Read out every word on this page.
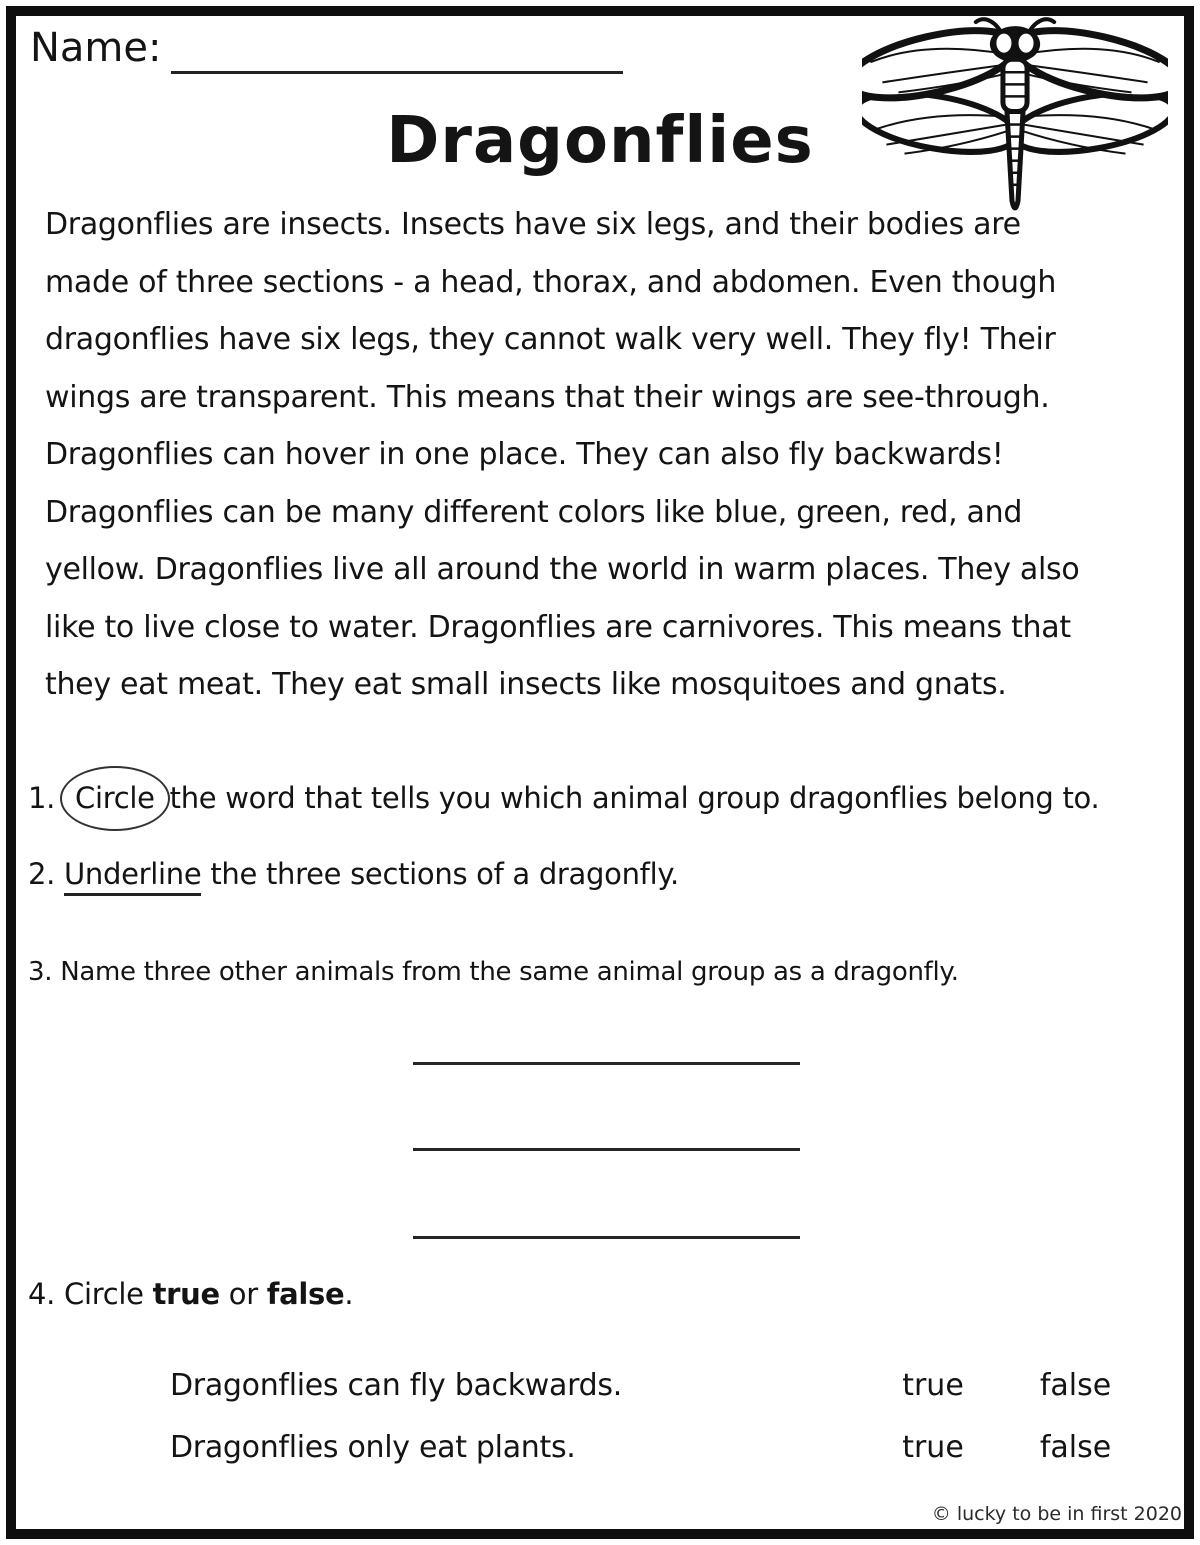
Name:
Dragonflies
Dragonflies are insects. Insects have six legs, and their bodies are
made of three sections - a head, thorax, and abdomen. Even though
dragonflies have six legs, they cannot walk very well. They fly! Their
wings are transparent. This means that their wings are see-through.
Dragonflies can hover in one place. They can also fly backwards!
Dragonflies can be many different colors like blue, green, red, and
yellow. Dragonflies live all around the world in warm places. They also
like to live close to water. Dragonflies are carnivores. This means that
they eat meat. They eat small insects like mosquitoes and gnats.
1. Circle the word that tells you which animal group dragonflies belong to.
2. Underline the three sections of a dragonfly.
3. Name three other animals from the same animal group as a dragonfly.
4. Circle true or false.
Dragonflies can fly backwards.	true	false
Dragonflies only eat plants.	true	false
© lucky to be in first 2020
